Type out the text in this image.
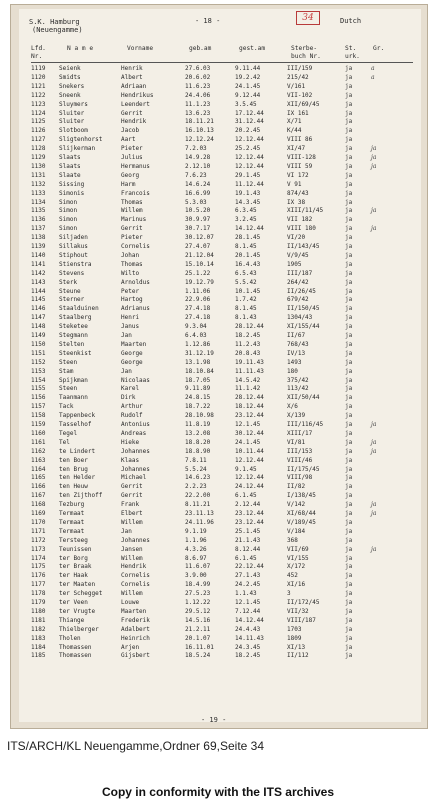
S.K. Hamburg
(Neuengamme)
- 18 -	34	Dutch
Lfd.
Nr.
N a m e	Vorname	geb.am	gest.am	Sterbe-
buch Nr.
St.
urk.
Gr.
1119 Seienk	Henrik	27.6.03	9.11.44	III/159	ja	a
1120 Smidts	Albert	20.6.02	19.2.42	215/42	ja	a
1121 Snekers	Adriaan	11.6.23	24.1.45	V/161	ja
1122 Sneenk	Hendrikus	24.4.06	9.12.44	VII-102	ja
1123 Sluymers	Leendert	11.1.23	3.5.45	XII/69/45	ja
1124 Sluiter	Gerrit	13.6.23	17.12.44	IX 161	ja
1125 Sluiter	Hendrik	18.11.21	31.12.44	X/71	ja
1126 Slotboom	Jacob	16.10.13	20.2.45	K/44	ja
1127 Sligtenhorst	Aart	12.12.24	12.12.44	VIII 86	ja
1128 Slijkerman	Pieter	7.2.03	25.2.45	XI/47	ja	ja
1129 Slaats	Julius	14.9.28	12.12.44	VIII-128	ja	ja
1130 Slaats	Hermanus	2.12.10	12.12.44	VIII 59	ja	ja
1131 Slaate	Georg	7.6.23	29.1.45	VI 172	ja
1132 Sissing	Harm	14.6.24	11.12.44	V 91	ja
1133 Simonis	Francois	16.6.99	19.1.43	874/43	ja
1134 Simon	Thomas	5.3.03	14.3.45	IX 38	ja
1135 Simon	Willem	10.5.20	6.3.45	XIII/11/45	ja	ja
1136 Simon	Marinus	30.9.97	3.2.45	VII 182	ja
1137 Simon	Gerrit	30.7.17	14.12.44	VIII 180	ja	ja
1138 Siljaden	Pieter	30.12.07	28.1.45	VI/20	ja
1139 Sillakus	Cornelis	27.4.07	8.1.45	II/143/45	ja
1140 Stiphout	Johan	21.12.04	20.1.45	V/9/45	ja
1141 Stienstra	Thomas	15.10.14	16.4.43	1905	ja
1142 Stevens	Wilto	25.1.22	6.5.43	III/187	ja
1143 Sterk	Arnoldus	19.12.79	5.5.42	264/42	ja
1144 Steune	Peter	1.11.06	10.1.45	II/26/45	ja
1145 Sterner	Hartog	22.9.06	1.7.42	679/42	ja
1146 Staalduinen	Adrianus	27.4.18	8.1.45	II/150/45	ja
1147 Staalberg	Henri	27.4.18	8.1.43	1304/43	ja
1148 Steketee	Janus	9.3.04	28.12.44	XI/155/44	ja
1149 Stegmann	Jan	6.4.03	18.2.45	II/67	ja
1150 Stelten	Maarten	1.12.86	11.2.43	768/43	ja
1151 Steenkist	George	31.12.19	20.8.43	IV/13	ja
1152 Steen	George	13.1.98	19.11.43	1493	ja
1153 Stam	Jan	18.10.84	11.11.43	180	ja
1154 Spijkman	Nicolaas	18.7.05	14.5.42	375/42	ja
1155 Steen	Karel	9.11.89	11.1.42	113/42	ja
1156 Taanmann	Dirk	24.8.15	28.12.44	XII/50/44	ja
1157 Tack	Arthur	18.7.22	18.12.44	X/6	ja
1158 Tappenbeck	Rudolf	28.10.98	23.12.44	X/139	ja
1159 Tasselhof	Antonius	11.8.19	12.1.45	III/116/45	ja	ja
1160 Tegel	Andreas	13.2.08	30.12.44	XIII/17	ja
1161 Tel	Hieke	18.8.20	24.1.45	VI/81	ja	ja
1162 te Lindert	Johannes	18.8.90	10.11.44	III/153	ja	ja
1163 ten Boer	Klaas	7.8.11	12.12.44	VIII/46	ja
1164 ten Brug	Johannes	5.5.24	9.1.45	II/175/45	ja
1165 ten Helder	Michael	14.6.23	12.12.44	VIII/98	ja
1166 ten Heuw	Gerrit	2.2.23	24.12.44	II/82	ja
1167 ten Zijthoff	Gerrit	22.2.00	6.1.45	I/138/45	ja
1168 Tezburg	Frank	8.11.21	2.12.44	V/142	ja	ja
1169 Termaat	Elbert	23.11.13	23.12.44	XI/68/44	ja	ja
1170 Termaat	Willem	24.11.96	23.12.44	V/189/45	ja
1171 Termaat	Jan	9.1.19	25.1.45	V/184	ja
1172 Tersteeg	Johannes	1.1.96	21.1.43	368	ja
1173 Teunissen	Jansen	4.3.26	8.12.44	VII/69	ja	ja
1174 ter Borg	Willem	8.6.97	6.1.45	VI/155	ja
1175 ter Braak	Hendrik	11.6.07	22.12.44	X/172	ja
1176 ter Haak	Cornelis	3.9.00	27.1.43	452	ja
1177 ter Maaten	Cornelis	18.4.99	24.2.45	XI/16	ja
1178 ter Schegget	Willem	27.5.23	1.1.43	3	ja
1179 ter Veen	Louwe	1.12.22	12.1.45	II/172/45	ja
1180 ter Vrugte	Maarten	29.5.12	7.12.44	VII/32	ja
1181 Thiange	Frederik	14.5.16	14.12.44	VIII/187	ja
1182 Thielberger	Adalbert	21.2.11	24.4.43	1703	ja
1183 Tholen	Heinrich	20.1.07	14.11.43	1809	ja
1184 Thomassen	Arjen	16.11.01	24.3.45	XI/13	ja
1185 Thomassen	Gijsbert	18.5.24	18.2.45	II/112	ja
- 19 -
ITS/ARCH/KL Neuengamme,Ordner 69,Seite 34
Copy in conformity with the ITS archives
